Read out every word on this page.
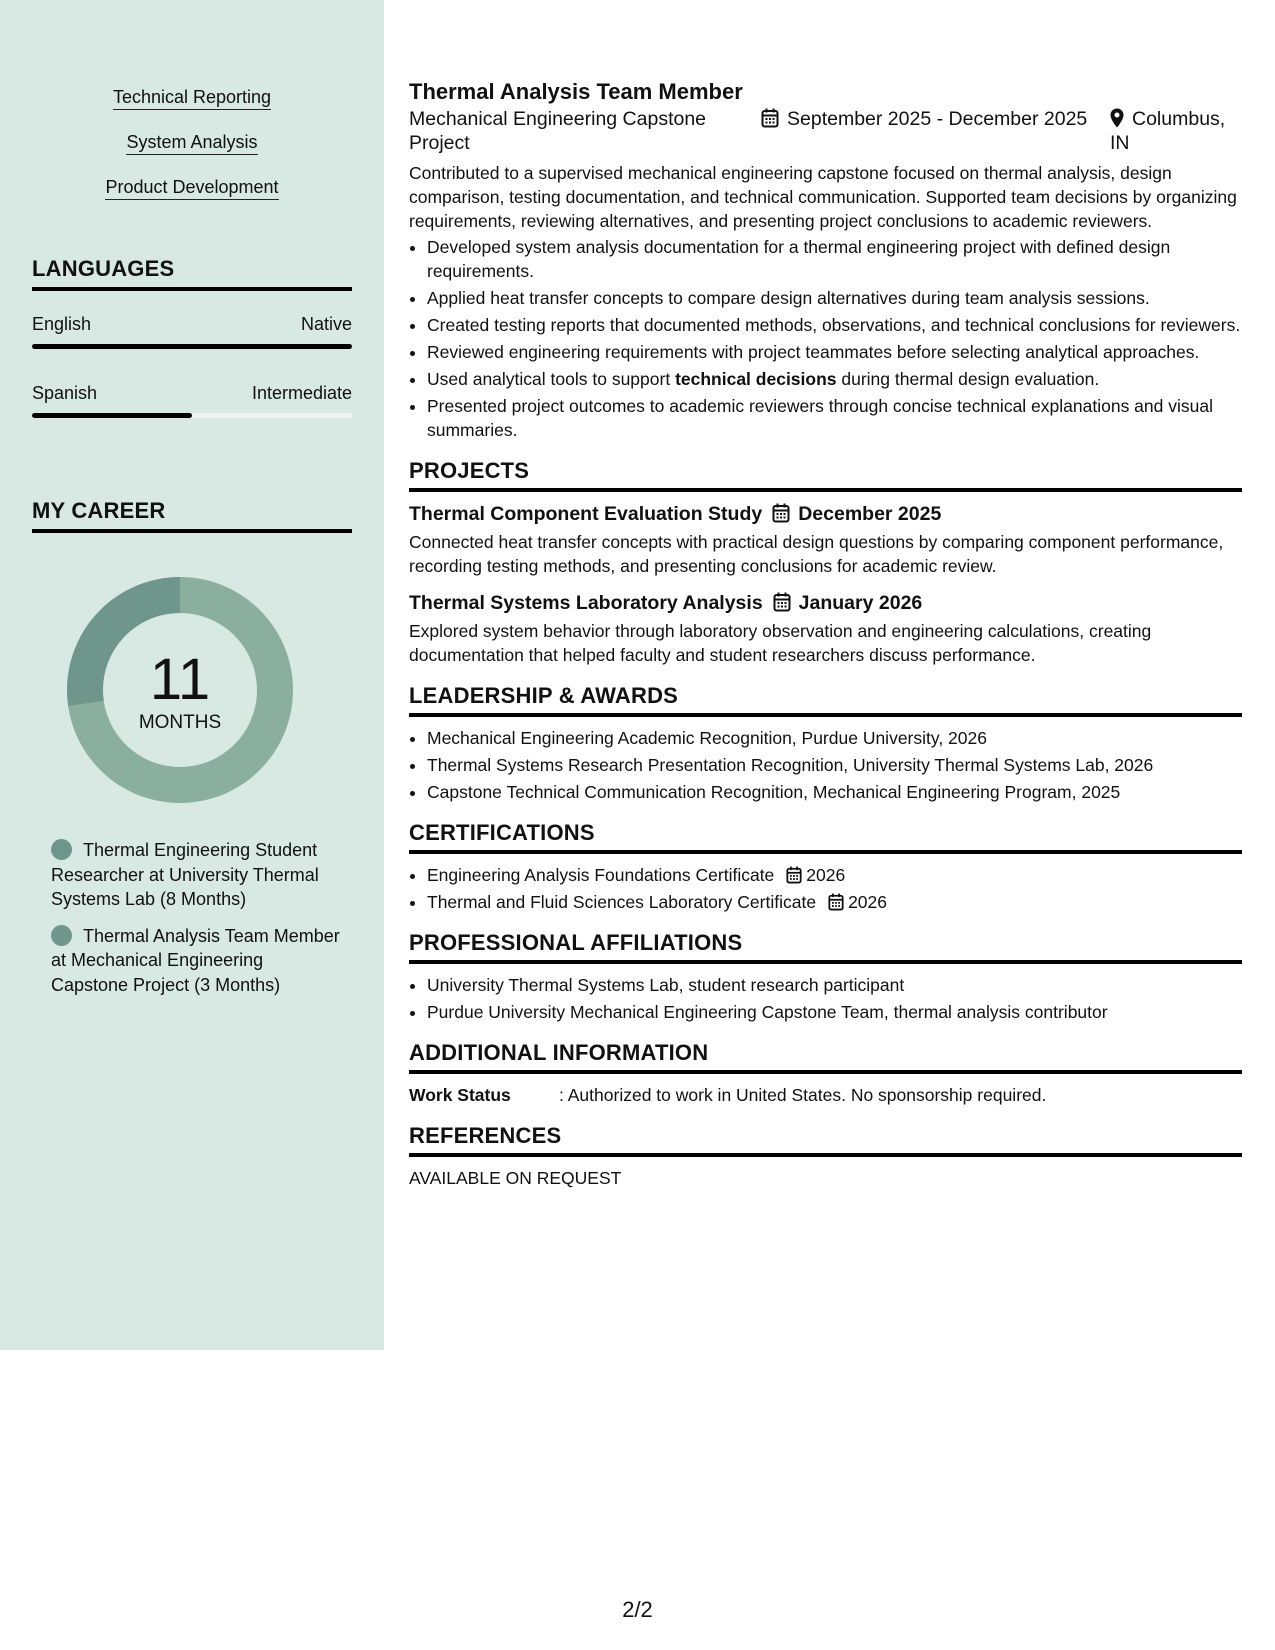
Technical Reporting
System Analysis
Product Development
LANGUAGES
English	Native
Spanish	Intermediate
MY CAREER
11
MONTHS
Thermal Engineering Student Researcher at University Thermal Systems Lab (8 Months)
Thermal Analysis Team Member at Mechanical Engineering Capstone Project (3 Months)
Thermal Analysis Team Member
Mechanical Engineering Capstone Project
September 2025 - December 2025	Columbus, IN
Contributed to a supervised mechanical engineering capstone focused on thermal analysis, design comparison, testing documentation, and technical communication. Supported team decisions by organizing requirements, reviewing alternatives, and presenting project conclusions to academic reviewers.
• Developed system analysis documentation for a thermal engineering project with defined design requirements.
• Applied heat transfer concepts to compare design alternatives during team analysis sessions.
• Created testing reports that documented methods, observations, and technical conclusions for reviewers.
• Reviewed engineering requirements with project teammates before selecting analytical approaches.
• Used analytical tools to support technical decisions during thermal design evaluation.
• Presented project outcomes to academic reviewers through concise technical explanations and visual summaries.
PROJECTS
Thermal Component Evaluation Study December 2025
Connected heat transfer concepts with practical design questions by comparing component performance, recording testing methods, and presenting conclusions for academic review.
Thermal Systems Laboratory Analysis January 2026
Explored system behavior through laboratory observation and engineering calculations, creating documentation that helped faculty and student researchers discuss performance.
LEADERSHIP & AWARDS
• Mechanical Engineering Academic Recognition, Purdue University, 2026
• Thermal Systems Research Presentation Recognition, University Thermal Systems Lab, 2026
• Capstone Technical Communication Recognition, Mechanical Engineering Program, 2025
CERTIFICATIONS
• Engineering Analysis Foundations Certificate 2026
• Thermal and Fluid Sciences Laboratory Certificate 2026
PROFESSIONAL AFFILIATIONS
• University Thermal Systems Lab, student research participant
• Purdue University Mechanical Engineering Capstone Team, thermal analysis contributor
ADDITIONAL INFORMATION
Work Status	: Authorized to work in United States. No sponsorship required.
REFERENCES
AVAILABLE ON REQUEST
2/2
